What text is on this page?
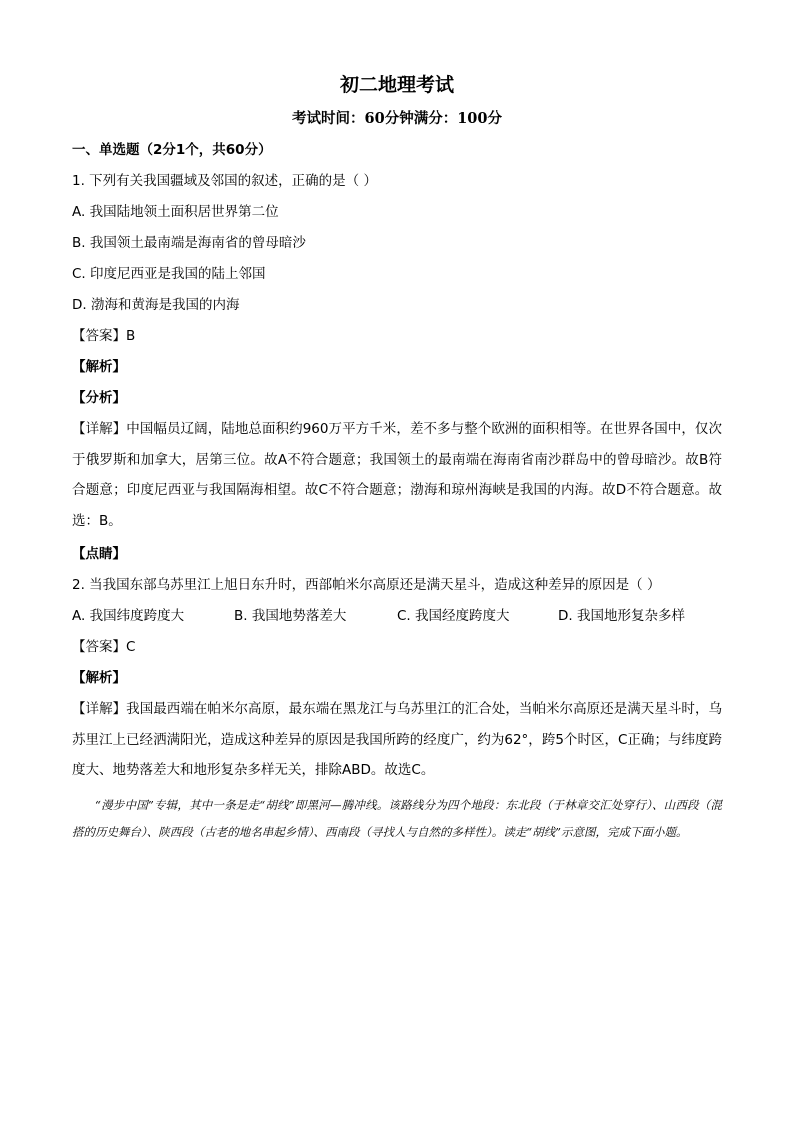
初二地理考试
考试时间：60分钟满分：100分
一、单选题（2分1个，共60分）
1. 下列有关我国疆域及邻国的叙述，正确的是（ ）
A. 我国陆地领土面积居世界第二位
B. 我国领土最南端是海南省的曾母暗沙
C. 印度尼西亚是我国的陆上邻国
D. 渤海和黄海是我国的内海
【答案】B
【解析】
【分析】
【详解】中国幅员辽阔，陆地总面积约960万平方千米，差不多与整个欧洲的面积相等。在世界各国中，仅次于俄罗斯和加拿大，居第三位。故A不符合题意；我国领土的最南端在海南省南沙群岛中的曾母暗沙。故B符合题意；印度尼西亚与我国隔海相望。故C不符合题意；渤海和琼州海峡是我国的内海。故D不符合题意。故选：B。
【点睛】
2. 当我国东部乌苏里江上旭日东升时，西部帕米尔高原还是满天星斗，造成这种差异的原因是（ ）
A. 我国纬度跨度大	B. 我国地势落差大	C. 我国经度跨度大	D. 我国地形复杂多样
【答案】C
【解析】
【详解】我国最西端在帕米尔高原，最东端在黑龙江与乌苏里江的汇合处，当帕米尔高原还是满天星斗时，乌苏里江上已经洒满阳光，造成这种差异的原因是我国所跨的经度广，约为62°，跨5个时区，C正确；与纬度跨度大、地势落差大和地形复杂多样无关，排除ABD。故选C。
“漫步中国”专辑，其中一条是走“胡线”即黑河—腾冲线。该路线分为四个地段：东北段（于林章交汇处穿行）、山西段（混搭的历史舞台）、陕西段（古老的地名串起乡情）、西南段（寻找人与自然的多样性）。读走“胡线”示意图，完成下面小题。
